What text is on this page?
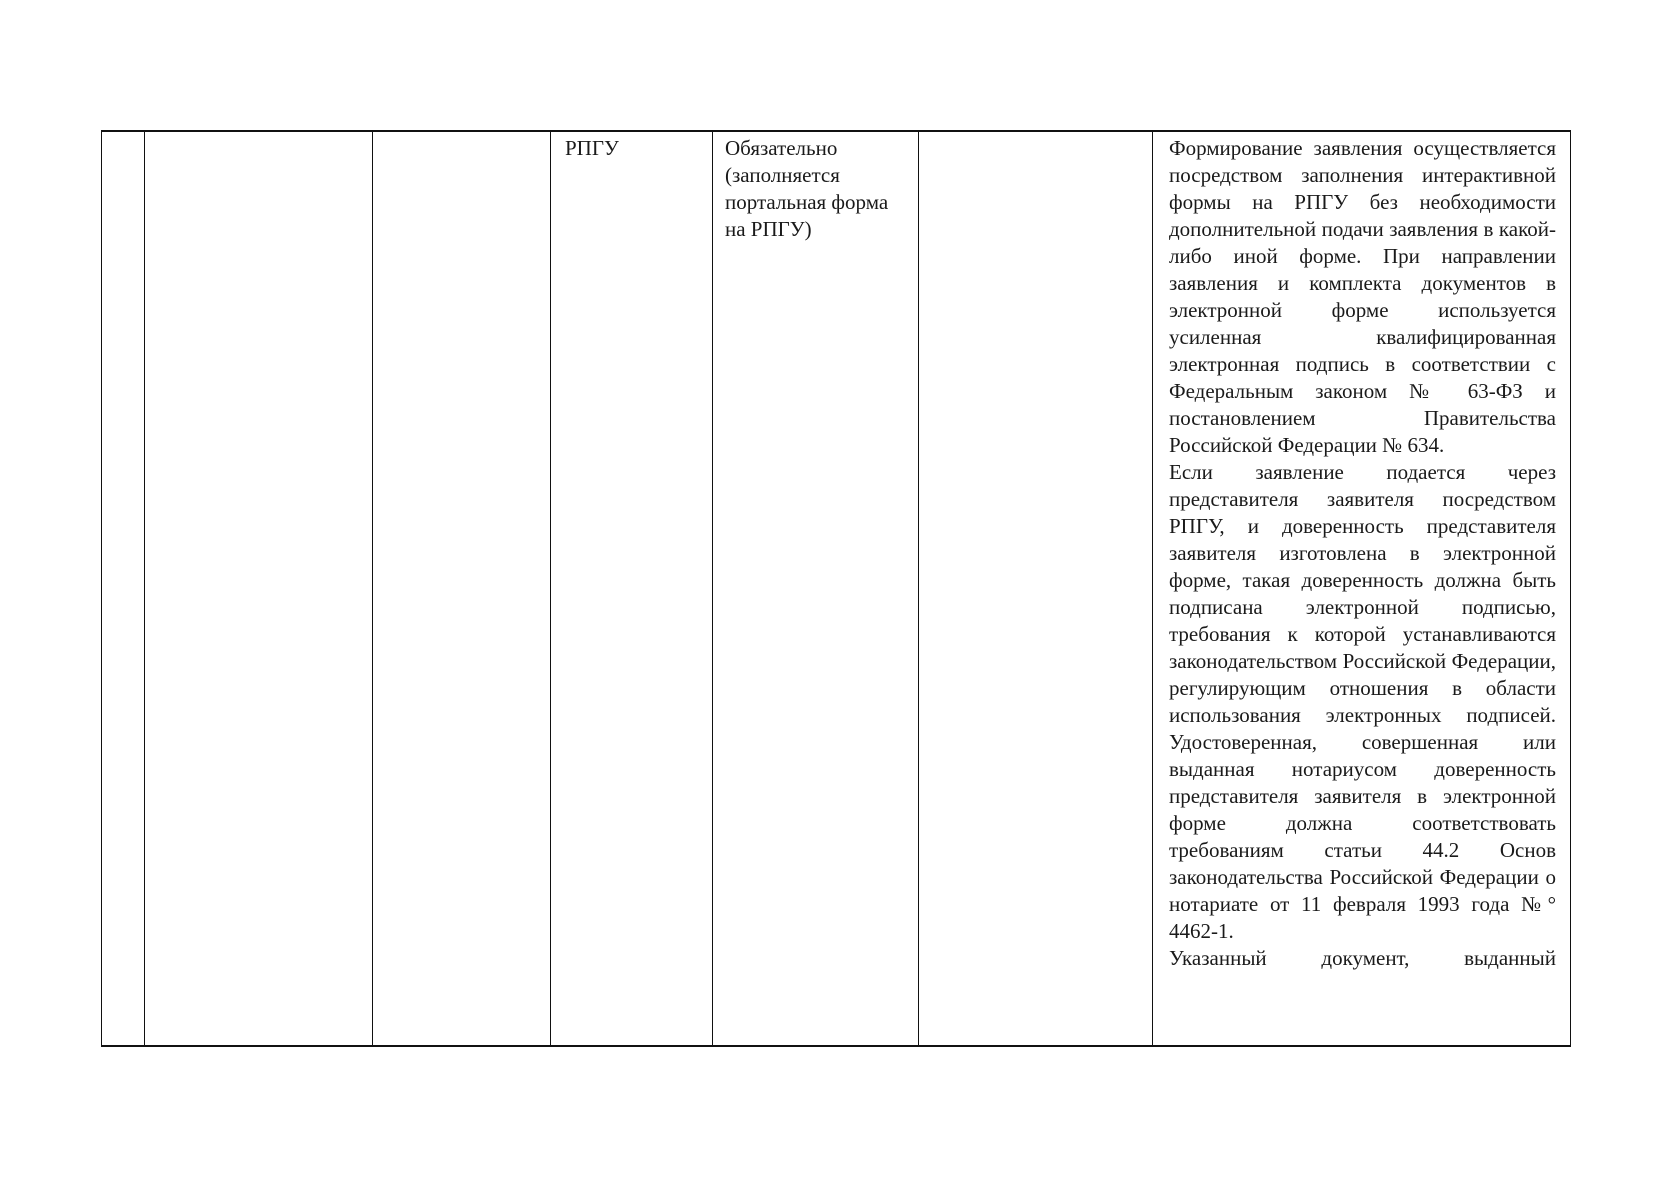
РПГУ	Обязательно (заполняется портальная форма на РПГУ)

Формирование заявления осуществляется посредством заполнения интерактивной формы на РПГУ без необходимости дополнительной подачи заявления в какой-либо иной форме. При направлении заявления и комплекта документов в электронной форме используется усиленная квалифицированная электронная подпись в соответствии с Федеральным законом № 63-ФЗ и постановлением Правительства Российской Федерации № 634.

Если заявление подается через представителя заявителя посредством РПГУ, и доверенность представителя заявителя изготовлена в электронной форме, такая доверенность должна быть подписана электронной подписью, требования к которой устанавливаются законодательством Российской Федерации, регулирующим отношения в области использования электронных подписей. Удостоверенная, совершенная или выданная нотариусом доверенность представителя заявителя в электронной форме должна соответствовать требованиям статьи 44.2 Основ законодательства Российской Федерации о нотариате от 11 февраля 1993 года №° 4462-1.

Указанный документ, выданный
